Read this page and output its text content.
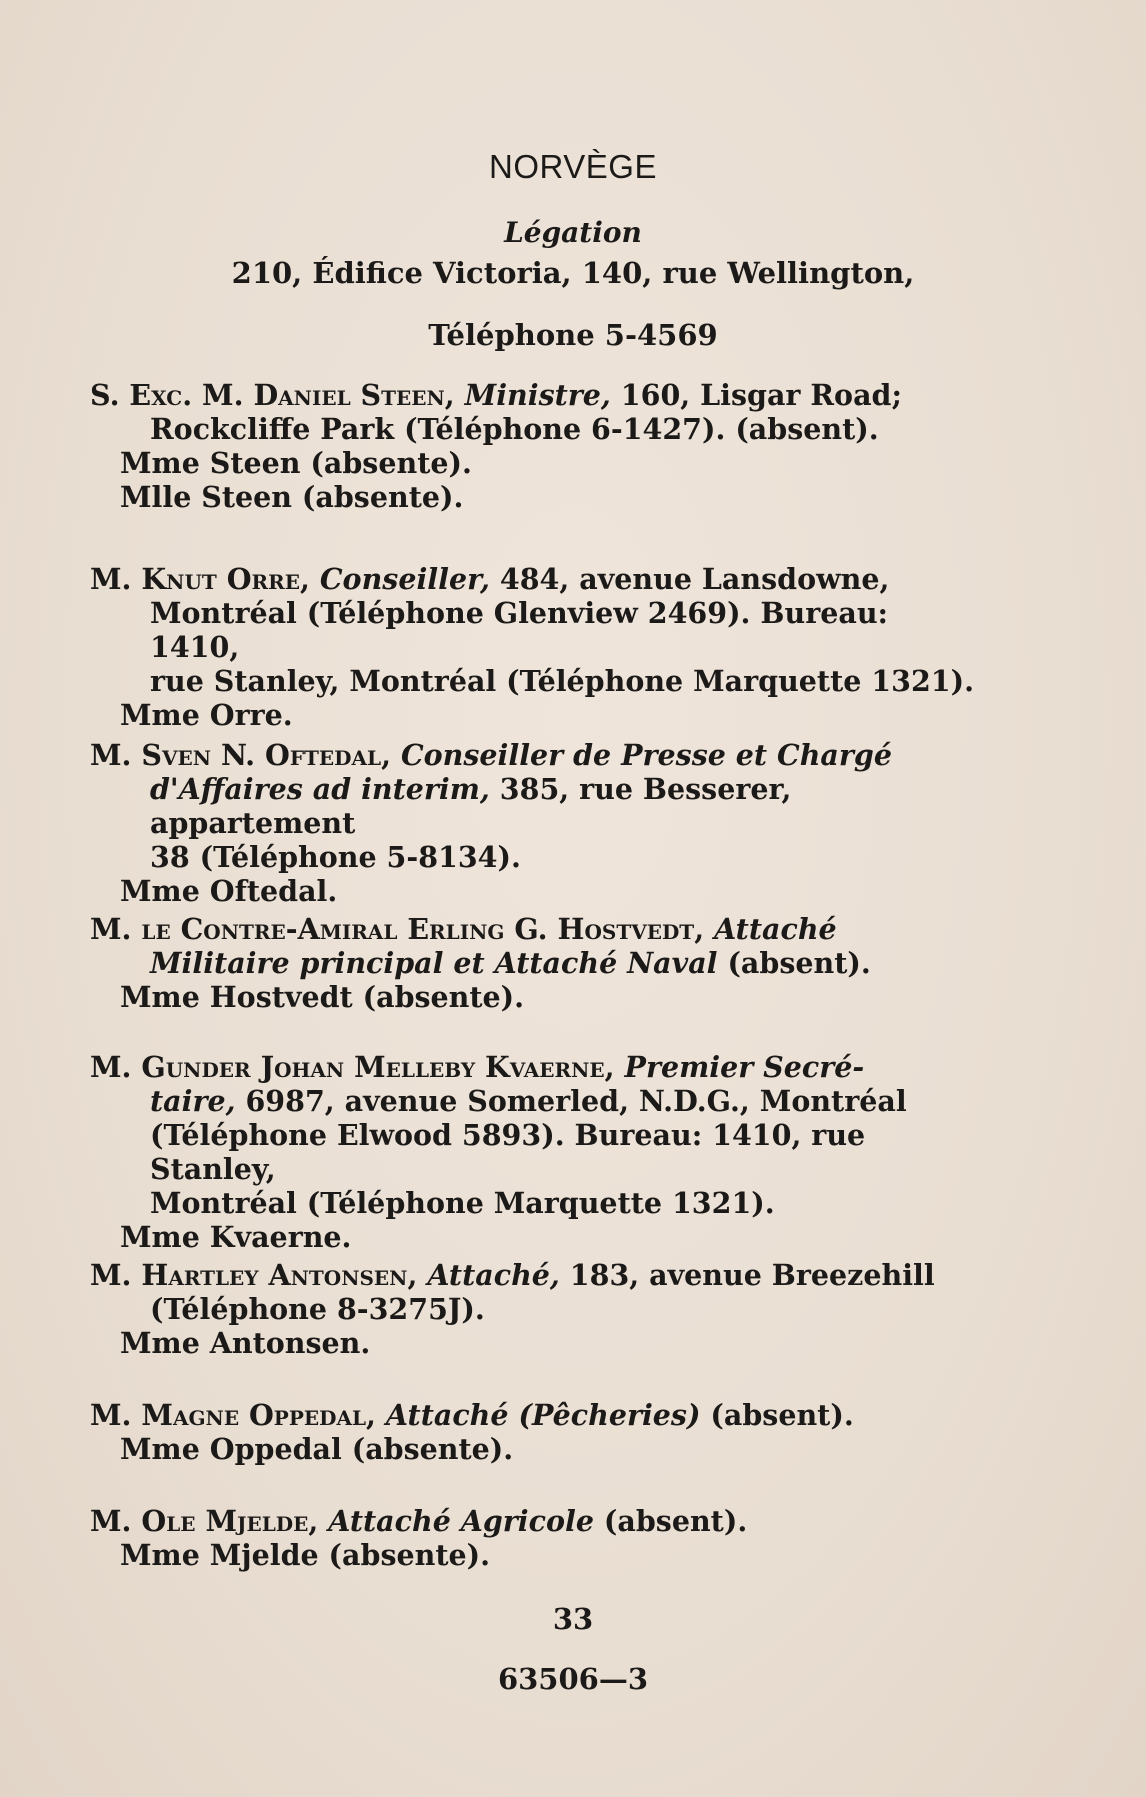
NORVÈGE
Légation
210, Édifice Victoria, 140, rue Wellington,
Téléphone 5-4569
S. Exc. M. Daniel Steen, Ministre, 160, Lisgar Road;
Rockcliffe Park (Téléphone 6-1427). (absent).
Mme Steen (absente).
Mlle Steen (absente).
M. Knut Orre, Conseiller, 484, avenue Lansdowne,
Montréal (Téléphone Glenview 2469). Bureau: 1410,
rue Stanley, Montréal (Téléphone Marquette 1321).
Mme Orre.
M. Sven N. Oftedal, Conseiller de Presse et Chargé
d'Affaires ad interim, 385, rue Besserer, appartement
38 (Téléphone 5-8134).
Mme Oftedal.
M. le Contre-Amiral Erling G. Hostvedt, Attaché
Militaire principal et Attaché Naval (absent).
Mme Hostvedt (absente).
M. Gunder Johan Melleby Kvaerne, Premier Secré-
taire, 6987, avenue Somerled, N.D.G., Montréal
(Téléphone Elwood 5893). Bureau: 1410, rue Stanley,
Montréal (Téléphone Marquette 1321).
Mme Kvaerne.
M. Hartley Antonsen, Attaché, 183, avenue Breezehill
(Téléphone 8-3275J).
Mme Antonsen.
M. Magne Oppedal, Attaché (Pêcheries) (absent).
Mme Oppedal (absente).
M. Ole Mjelde, Attaché Agricole (absent).
Mme Mjelde (absente).
33
63506—3
